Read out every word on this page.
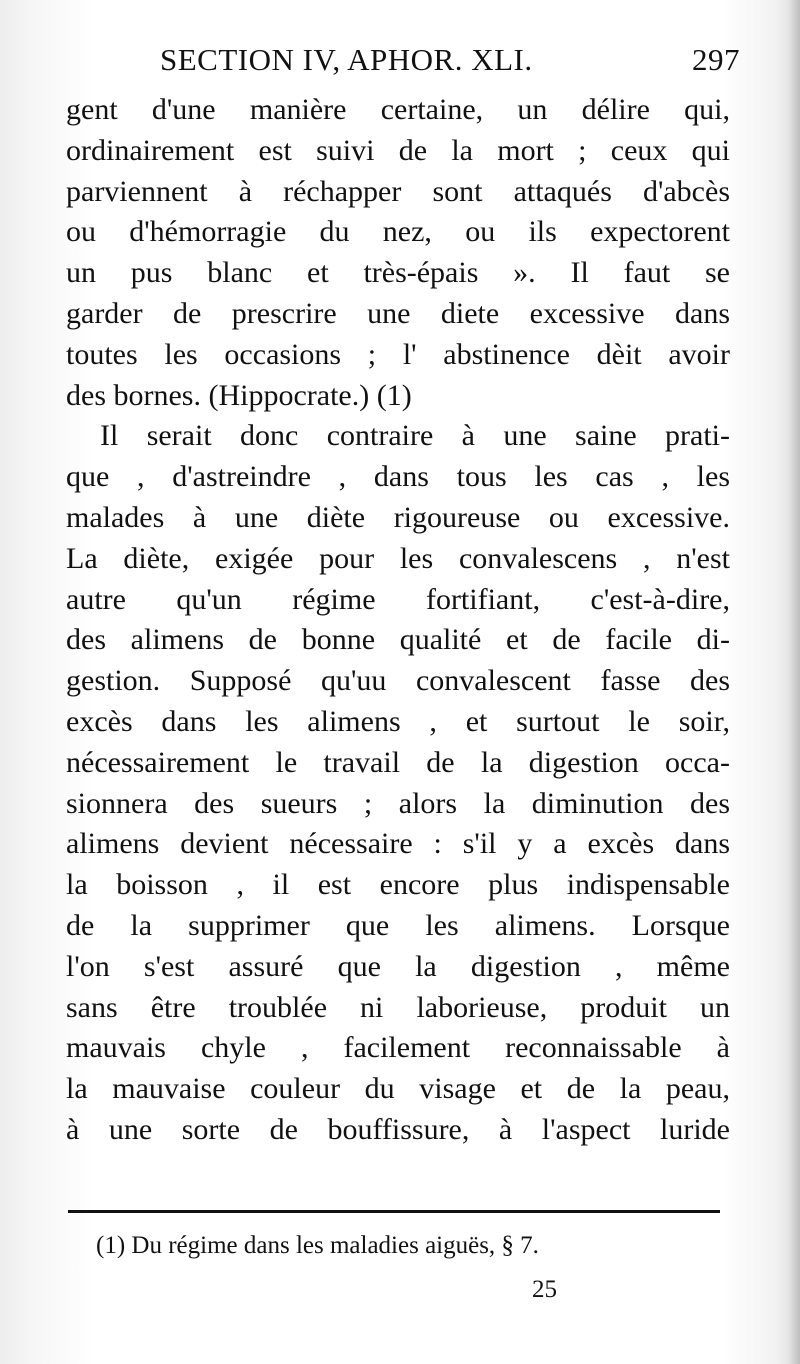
SECTION IV, APHOR. XLI.	297
gent d'une manière certaine, un délire qui,
ordinairement est suivi de la mort ; ceux qui
parviennent à réchapper sont attaqués d'abcès
ou d'hémorragie du nez, ou ils expectorent
un pus blanc et très-épais ». Il faut se
garder de prescrire une diete excessive dans
toutes les occasions ; l' abstinence dèit avoir
des bornes. (Hippocrate.) (1)
Il serait donc contraire à une saine prati-
que , d'astreindre , dans tous les cas , les
malades à une diète rigoureuse ou excessive.
La diète, exigée pour les convalescens , n'est
autre qu'un régime fortifiant, c'est-à-dire,
des alimens de bonne qualité et de facile di-
gestion. Supposé qu'uu convalescent fasse des
excès dans les alimens , et surtout le soir,
nécessairement le travail de la digestion occa-
sionnera des sueurs ; alors la diminution des
alimens devient nécessaire : s'il y a excès dans
la boisson , il est encore plus indispensable
de la supprimer que les alimens. Lorsque
l'on s'est assuré que la digestion , même
sans être troublée ni laborieuse, produit un
mauvais chyle , facilement reconnaissable à
la mauvaise couleur du visage et de la peau,
à une sorte de bouffissure, à l'aspect luride
(1) Du régime dans les maladies aiguës, § 7.
25
